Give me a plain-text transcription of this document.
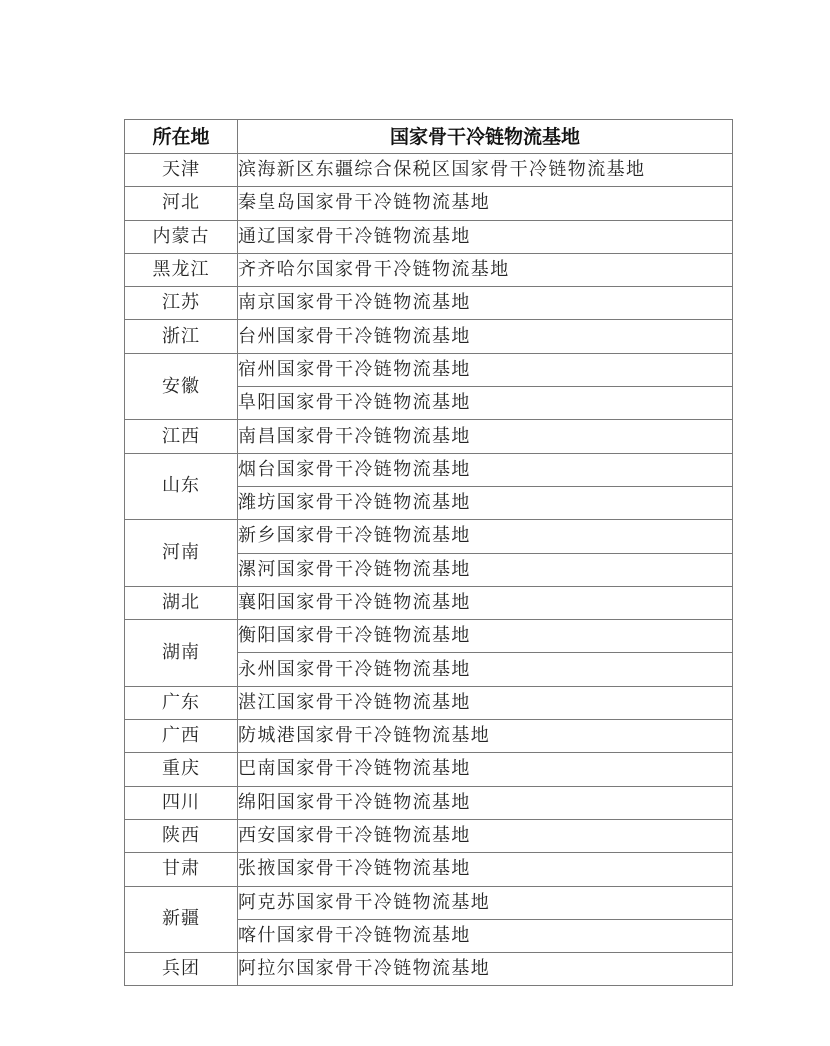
所在地	国家骨干冷链物流基地
天津	滨海新区东疆综合保税区国家骨干冷链物流基地
河北	秦皇岛国家骨干冷链物流基地
内蒙古	通辽国家骨干冷链物流基地
黑龙江	齐齐哈尔国家骨干冷链物流基地
江苏	南京国家骨干冷链物流基地
浙江	台州国家骨干冷链物流基地
安徽	宿州国家骨干冷链物流基地
	阜阳国家骨干冷链物流基地
江西	南昌国家骨干冷链物流基地
山东	烟台国家骨干冷链物流基地
	潍坊国家骨干冷链物流基地
河南	新乡国家骨干冷链物流基地
	漯河国家骨干冷链物流基地
湖北	襄阳国家骨干冷链物流基地
湖南	衡阳国家骨干冷链物流基地
	永州国家骨干冷链物流基地
广东	湛江国家骨干冷链物流基地
广西	防城港国家骨干冷链物流基地
重庆	巴南国家骨干冷链物流基地
四川	绵阳国家骨干冷链物流基地
陕西	西安国家骨干冷链物流基地
甘肃	张掖国家骨干冷链物流基地
新疆	阿克苏国家骨干冷链物流基地
	喀什国家骨干冷链物流基地
兵团	阿拉尔国家骨干冷链物流基地
